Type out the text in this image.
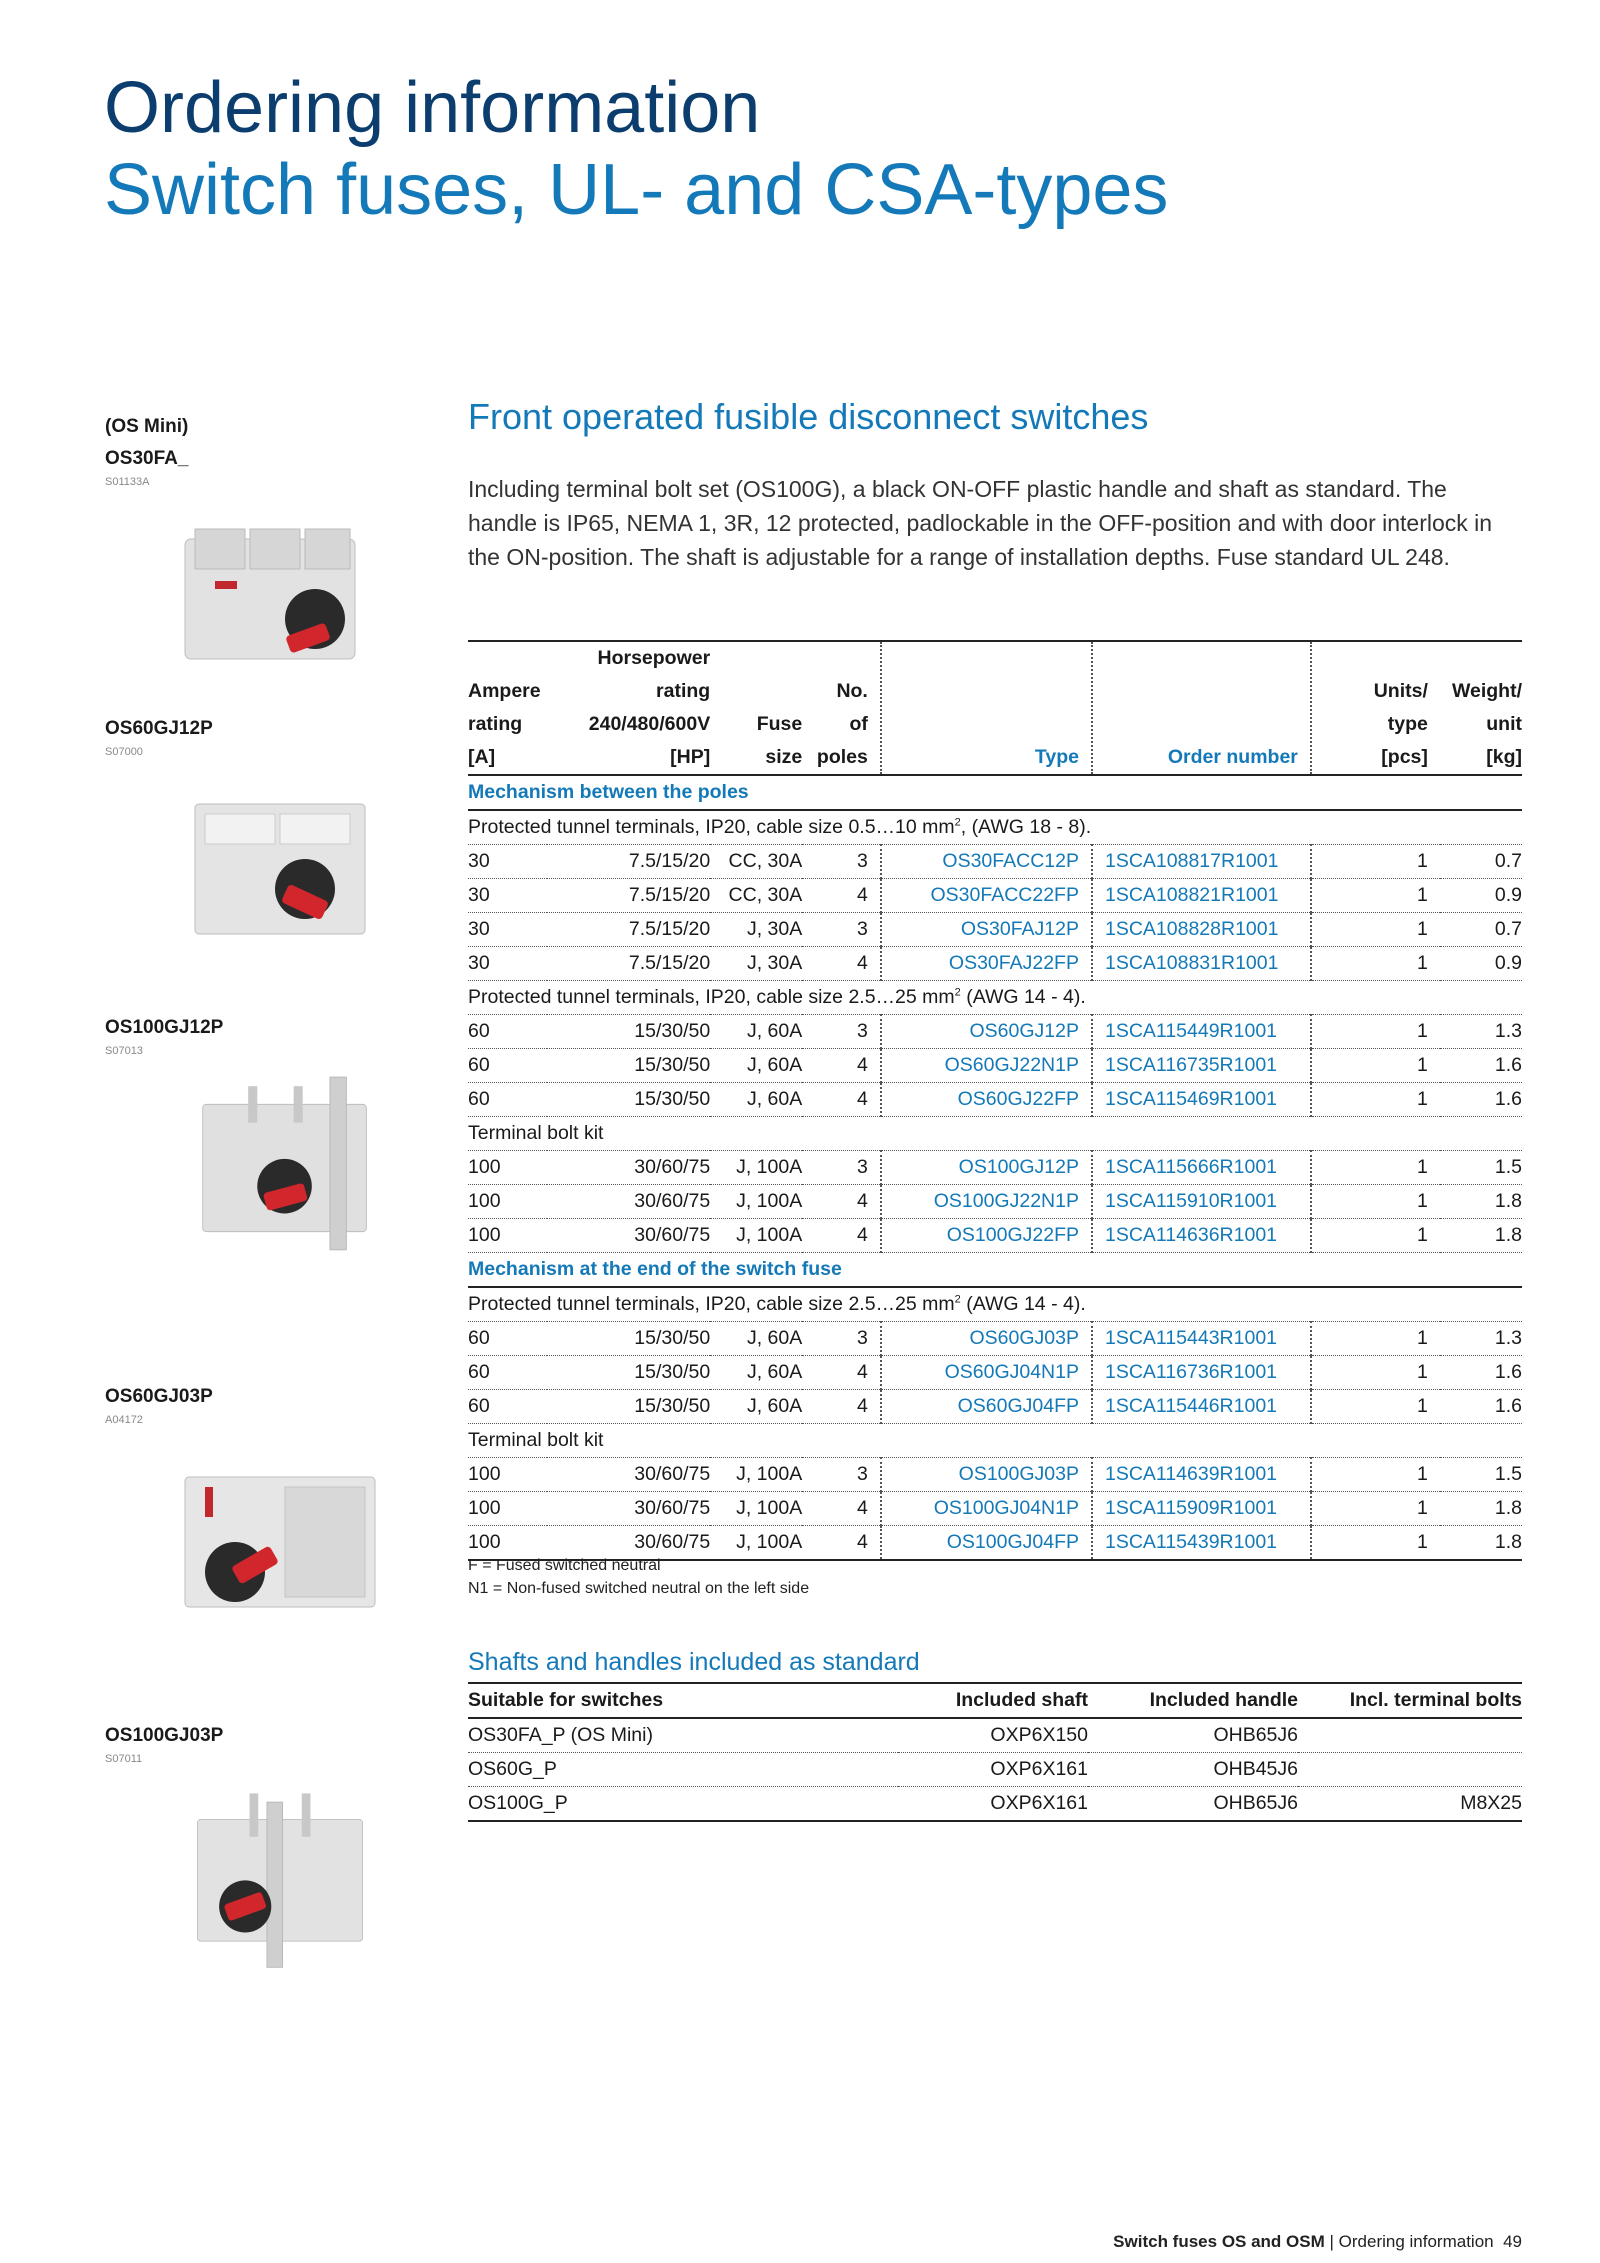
Ordering information
Switch fuses, UL- and CSA-types
(OS Mini)
OS30FA_
S01133A
OS60GJ12P
S07000
OS100GJ12P
S07013
OS60GJ03P
A04172
OS100GJ03P
S07011
Front operated fusible disconnect switches

Including terminal bolt set (OS100G), a black ON-OFF plastic handle and shaft as standard. The handle is IP65, NEMA 1, 3R, 12 protected, padlockable in the OFF-position and with door interlock in the ON-position. The shaft is adjustable for a range of installation depths. Fuse standard UL 248.

Ampere
rating
[A]	Horsepower
rating
240/480/600V
[HP]	Fuse
size	No.
of
poles	Type	Order number	Units/
type
[pcs]	Weight/
unit
[kg]
Mechanism between the poles							
Protected tunnel terminals, IP20, cable size 0.5…10 $mm^2$, (AWG 18 - 8).							
30	7.5/15/20	CC, 30A	3	OS30FACC12P	1SCA108817R1001	1	0.7
30	7.5/15/20	CC, 30A	4	OS30FACC22FP	1SCA108821R1001	1	0.9
30	7.5/15/20	J, 30A	3	OS30FAJ12P	1SCA108828R1001	1	0.7
30	7.5/15/20	J, 30A	4	OS30FAJ22FP	1SCA108831R1001	1	0.9
Protected tunnel terminals, IP20, cable size 2.5…25 $mm^2$ (AWG 14 - 4).							
60	15/30/50	J, 60A	3	OS60GJ12P	1SCA115449R1001	1	1.3
60	15/30/50	J, 60A	4	OS60GJ22N1P	1SCA116735R1001	1	1.6
60	15/30/50	J, 60A	4	OS60GJ22FP	1SCA115469R1001	1	1.6
Terminal bolt kit							
100	30/60/75	J, 100A	3	OS100GJ12P	1SCA115666R1001	1	1.5
100	30/60/75	J, 100A	4	OS100GJ22N1P	1SCA115910R1001	1	1.8
100	30/60/75	J, 100A	4	OS100GJ22FP	1SCA114636R1001	1	1.8
Mechanism at the end of the switch fuse							
Protected tunnel terminals, IP20, cable size 2.5…25 $mm^2$ (AWG 14 - 4).							
60	15/30/50	J, 60A	3	OS60GJ03P	1SCA115443R1001	1	1.3
60	15/30/50	J, 60A	4	OS60GJ04N1P	1SCA116736R1001	1	1.6
60	15/30/50	J, 60A	4	OS60GJ04FP	1SCA115446R1001	1	1.6
Terminal bolt kit							
100	30/60/75	J, 100A	3	OS100GJ03P	1SCA114639R1001	1	1.5
100	30/60/75	J, 100A	4	OS100GJ04N1P	1SCA115909R1001	1	1.8
100	30/60/75	J, 100A	4	OS100GJ04FP	1SCA115439R1001	1	1.8
F = Fused switched neutral
N1 = Non-fused switched neutral on the left side
Shafts and handles included as standard
Suitable for switches	Included shaft	Included handle	Incl. terminal bolts
OS30FA_P (OS Mini)	OXP6X150	OHB65J6	
OS60G_P	OXP6X161	OHB45J6	
OS100G_P	OXP6X161	OHB65J6	M8X25
Switch fuses OS and OSM | Ordering information 49
